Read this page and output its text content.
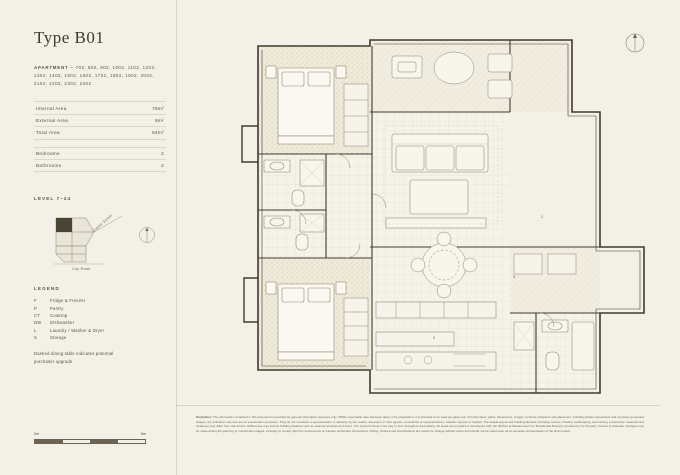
Type B01
APARTMENT – 702, 802, 902, 1002, 1102, 1202, 1302, 1402, 1502, 1602, 1702, 1802, 1902, 2002, 2102, 2202, 2302, 2402
Internal Area	76m²
External Area	8m²
Total Area	84m²
Bedrooms	2
Bathrooms	2
LEVEL 7–24
City Road
Clarke Street
LEGEND
F	Fridge & Freezer
P	Pantry
CT	Cooktop
DW	Dishwasher
L	Laundry / Washer & Dryer
S	Storage
Dashed dining table indicates potential purchaser upgrade
0m	5m
1
3
2
Disclaimer: The information contained in this document is provided for general information purposes only. Whilst reasonable care has been taken in its preparation, it is intended to be used as guide only. All information, plans, dimensions, images, furniture inclusions and placement, including artists impressions and computer generated images, are indicative only and are for presentation purposes. They do not constitute a representation or warranty by the vendor, developer or their agents, consultants or representatives, whether express or implied. The façade layout and building likeness (including colours, finishes, landscaping, surrounding construction materials and locations) may differ from that shown. Differences may include building features such as external windows and doors. The columns shown may vary in size throughout the building. All areas are provided in accordance with the Method of Measurement for Residential Property provided by the Property Council of Australia. Changes may be made during the planning or construction stages, including to comply with the requirements of relevant authorities. Dimensions, fittings, finishes and specifications are subject to change without notice and should not be relied upon as an accurate representation of the final product.
